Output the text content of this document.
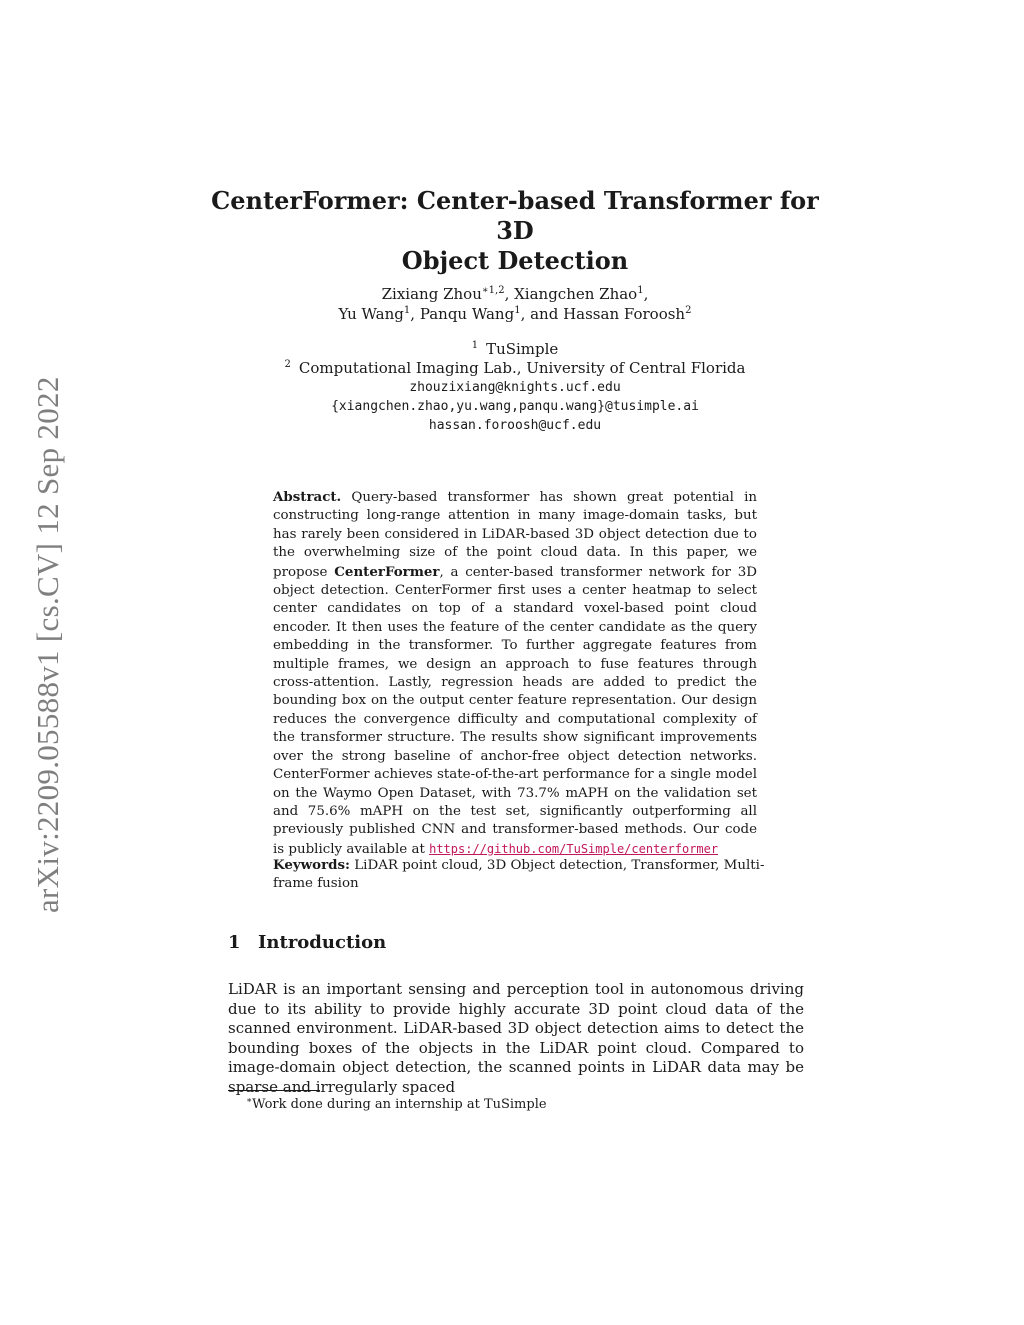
arXiv:2209.05588v1 [cs.CV] 12 Sep 2022
CenterFormer: Center-based Transformer for 3D
Object Detection
Zixiang Zhou$^{∗1,2}$, Xiangchen Zhao$^1$,
Yu Wang$^1$, Panqu Wang$^1$, and Hassan Foroosh$^2$
$^1$ TuSimple
$^2$ Computational Imaging Lab., University of Central Florida
zhouzixiang@knights.ucf.edu
{xiangchen.zhao,yu.wang,panqu.wang}@tusimple.ai
hassan.foroosh@ucf.edu
Abstract. Query-based transformer has shown great potential in constructing long-range attention in many image-domain tasks, but has rarely been considered in LiDAR-based 3D object detection due to the overwhelming size of the point cloud data. In this paper, we propose CenterFormer, a center-based transformer network for 3D object detection. CenterFormer first uses a center heatmap to select center candidates on top of a standard voxel-based point cloud encoder. It then uses the feature of the center candidate as the query embedding in the transformer. To further aggregate features from multiple frames, we design an approach to fuse features through cross-attention. Lastly, regression heads are added to predict the bounding box on the output center feature representation. Our design reduces the convergence difficulty and computational complexity of the transformer structure. The results show significant improvements over the strong baseline of anchor-free object detection networks. CenterFormer achieves state-of-the-art performance for a single model on the Waymo Open Dataset, with 73.7% mAPH on the validation set and 75.6% mAPH on the test set, significantly outperforming all previously published CNN and transformer-based methods. Our code is publicly available at https://github.com/TuSimple/centerformer
Keywords: LiDAR point cloud, 3D Object detection, Transformer, Multi-frame fusion
1 Introduction
LiDAR is an important sensing and perception tool in autonomous driving due to its ability to provide highly accurate 3D point cloud data of the scanned environment. LiDAR-based 3D object detection aims to detect the bounding boxes of the objects in the LiDAR point cloud. Compared to image-domain object detection, the scanned points in LiDAR data may be sparse and irregularly spaced
∗Work done during an internship at TuSimple
